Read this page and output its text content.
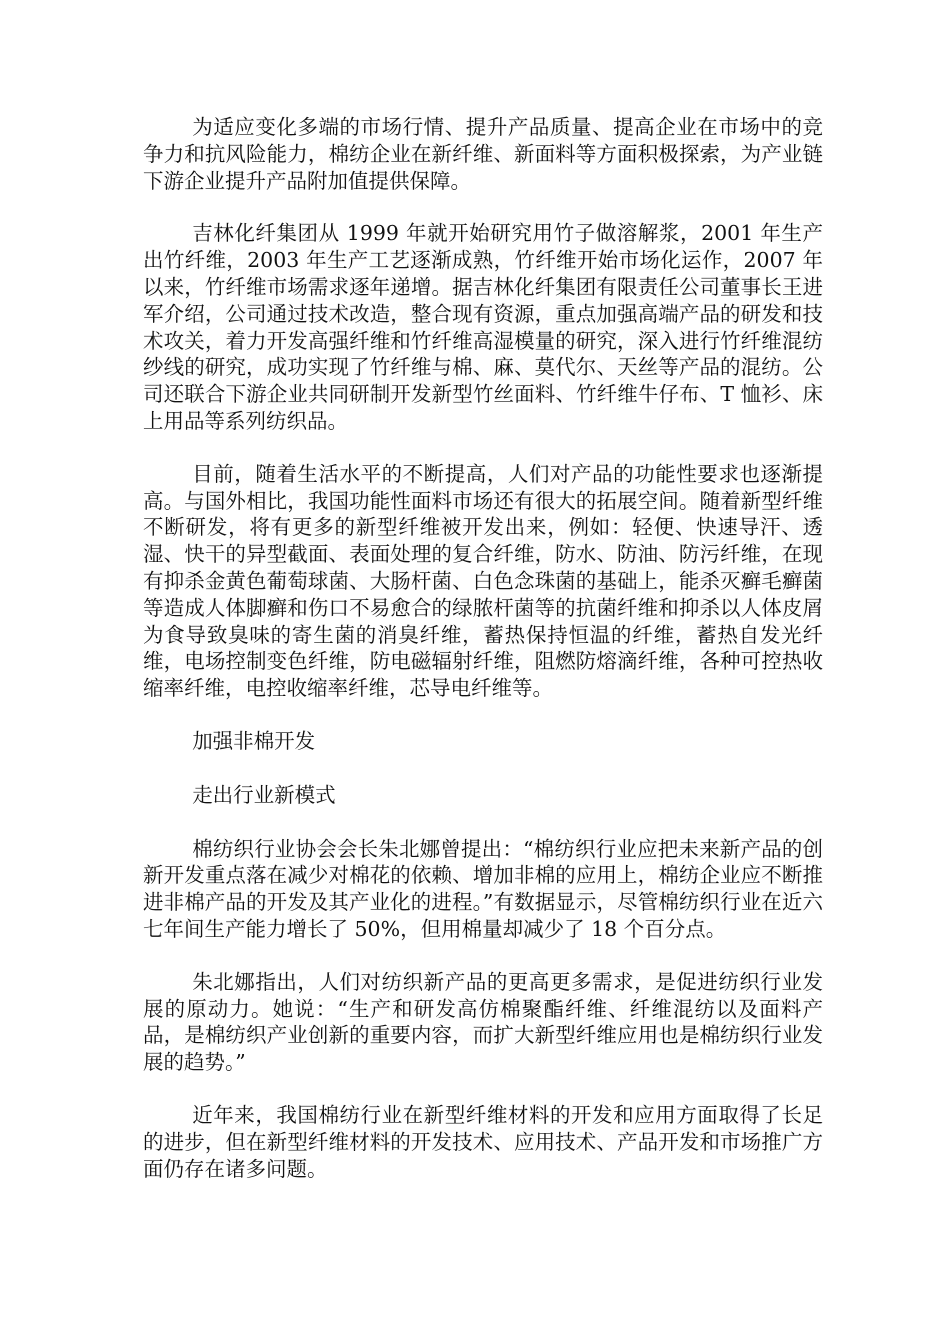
为适应变化多端的市场行情、提升产品质量、提高企业在市场中的竞争力和抗风险能力，棉纺企业在新纤维、新面料等方面积极探索，为产业链下游企业提升产品附加值提供保障。

吉林化纤集团从 1999 年就开始研究用竹子做溶解浆，2001 年生产出竹纤维，2003 年生产工艺逐渐成熟，竹纤维开始市场化运作，2007 年以来，竹纤维市场需求逐年递增。据吉林化纤集团有限责任公司董事长王进军介绍，公司通过技术改造，整合现有资源，重点加强高端产品的研发和技术攻关，着力开发高强纤维和竹纤维高湿模量的研究，深入进行竹纤维混纺纱线的研究，成功实现了竹纤维与棉、麻、莫代尔、天丝等产品的混纺。公司还联合下游企业共同研制开发新型竹丝面料、竹纤维牛仔布、T 恤衫、床上用品等系列纺织品。

目前，随着生活水平的不断提高，人们对产品的功能性要求也逐渐提高。与国外相比，我国功能性面料市场还有很大的拓展空间。随着新型纤维不断研发，将有更多的新型纤维被开发出来，例如：轻便、快速导汗、透湿、快干的异型截面、表面处理的复合纤维，防水、防油、防污纤维，在现有抑杀金黄色葡萄球菌、大肠杆菌、白色念珠菌的基础上，能杀灭癣毛癣菌等造成人体脚癣和伤口不易愈合的绿脓杆菌等的抗菌纤维和抑杀以人体皮屑为食导致臭味的寄生菌的消臭纤维，蓄热保持恒温的纤维，蓄热自发光纤维，电场控制变色纤维，防电磁辐射纤维，阻燃防熔滴纤维，各种可控热收缩率纤维，电控收缩率纤维，芯导电纤维等。

加强非棉开发

走出行业新模式

棉纺织行业协会会长朱北娜曾提出：“棉纺织行业应把未来新产品的创新开发重点落在减少对棉花的依赖、增加非棉的应用上，棉纺企业应不断推进非棉产品的开发及其产业化的进程。”有数据显示，尽管棉纺织行业在近六七年间生产能力增长了 50%，但用棉量却减少了 18 个百分点。

朱北娜指出，人们对纺织新产品的更高更多需求，是促进纺织行业发展的原动力。她说：“生产和研发高仿棉聚酯纤维、纤维混纺以及面料产品，是棉纺织产业创新的重要内容，而扩大新型纤维应用也是棉纺织行业发展的趋势。”

近年来，我国棉纺行业在新型纤维材料的开发和应用方面取得了长足的进步，但在新型纤维材料的开发技术、应用技术、产品开发和市场推广方面仍存在诸多问题。
